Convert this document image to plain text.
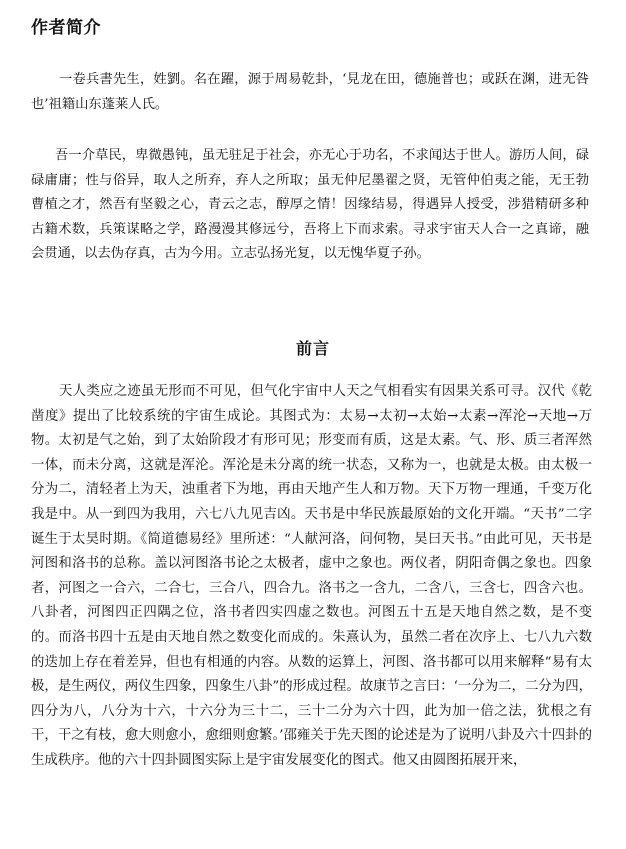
作者简介

一卷兵書先生，姓劉。名在躍，源于周易乾卦，‘見龙在田，德施普也；或跃在渊，进无咎也’祖籍山东蓬莱人氏。

吾一介草民，卑微愚钝，虽无驻足于社会，亦无心于功名，不求闻达于世人。游历人间，碌碌庸庸；性与俗异，取人之所弃，弃人之所取；虽无仲尼墨翟之贤，无管仲伯夷之能，无王勃曹植之才，然吾有坚毅之心，青云之志，醇厚之情！因缘结易，得遇异人授受，涉猎精研多种古籍术数，兵策谋略之学，路漫漫其修远兮，吾将上下而求索。寻求宇宙天人合一之真谛，融会贯通，以去伪存真，古为今用。立志弘扬光复，以无愧华夏子孙。

前言

天人类应之迹虽无形而不可见，但气化宇宙中人天之气相看实有因果关系可寻。汉代《乾凿度》提出了比较系统的宇宙生成论。其图式为：太易→太初→太始→太素→浑沦→天地→万物。太初是气之始，到了太始阶段才有形可见；形变而有质，这是太素。气、形、质三者浑然一体，而未分离，这就是浑沦。浑沦是未分离的统一状态，又称为一，也就是太极。由太极一分为二，清轻者上为天，浊重者下为地，再由天地产生人和万物。天下万物一理通，千变万化我是中。从一到四为我用，六七八九见吉凶。天书是中华民族最原始的文化开端。“天书”二字诞生于太昊时期。《简道德易经》里所述：“人献河洛，问何物，昊曰天书。”由此可见，天书是河图和洛书的总称。盖以河图洛书论之太极者，虚中之象也。两仪者，阴阳奇偶之象也。四象者，河图之一合六，二合七，三合八，四合九。洛书之一含九，二含八，三含七，四含六也。八卦者，河图四正四隅之位，洛书者四实四虚之数也。河图五十五是天地自然之数，是不变的。而洛书四十五是由天地自然之数变化而成的。朱熹认为，虽然二者在次序上、七八九六数的迭加上存在着差异，但也有相通的内容。从数的运算上，河图、洛书都可以用来解释“易有太极，是生两仪，两仪生四象，四象生八卦”的形成过程。故康节之言曰：‘一分为二，二分为四，四分为八，八分为十六，十六分为三十二，三十二分为六十四，此为加一倍之法，犹根之有干，干之有枝，愈大则愈小，愈细则愈繁。’邵雍关于先天图的论述是为了说明八卦及六十四卦的生成秩序。他的六十四卦圆图实际上是宇宙发展变化的图式。他又由圆图拓展开来，
